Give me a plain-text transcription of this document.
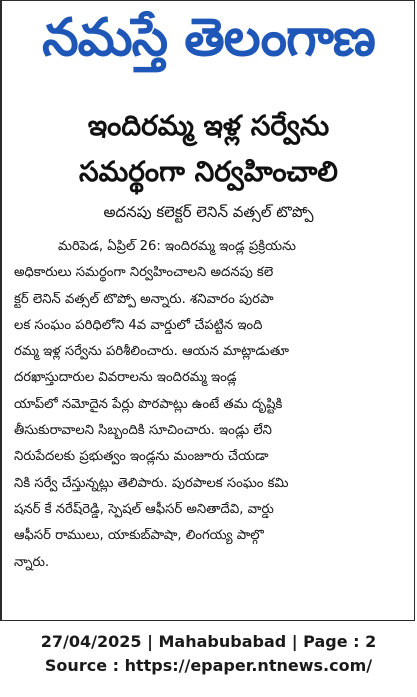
నమస్తే తెలంగాణ
ఇందిరమ్మ ఇళ్ల సర్వేను
సమర్థంగా నిర్వహించాలి
అదనపు కలెక్టర్ లెనిన్ వత్సల్ టొప్పో
మరిపెడ, ఏప్రిల్ 26: ఇందిరమ్మ ఇండ్ల ప్రక్రియను
అధికారులు సమర్థంగా నిర్వహించాలని అదనపు కలె
క్టర్ లెనిన్ వత్సల్ టొప్పో అన్నారు. శనివారం పురపా
లక సంఘం పరిధిలోని 4వ వార్డులో చేపట్టిన ఇంది
రమ్మ ఇళ్ల సర్వేను పరిశీలించారు. ఆయన మాట్లాడుతూ
దరఖాస్తుదారుల వివరాలను ఇందిరమ్మ ఇండ్ల
యాప్‌లో నమోదైన పేర్లు పొరపాట్లు ఉంటే తమ దృష్టికి
తీసుకురావాలని సిబ్బందికి సూచించారు. ఇండ్లు లేని
నిరుపేదలకు ప్రభుత్వం ఇండ్లను మంజూరు చేయడా
నికి సర్వే చేస్తున్నట్లు తెలిపారు. పురపాలక సంఘం కమి
షనర్ కే నరేష్‌రెడ్డి, స్పెషల్ ఆఫీసర్ అనితాదేవి, వార్డు
ఆఫీసర్ రాములు, యాకుబ్‌పాషా, లింగయ్య పాల్గొ
న్నారు.
27/04/2025 | Mahabubabad | Page : 2
Source : https://epaper.ntnews.com/
